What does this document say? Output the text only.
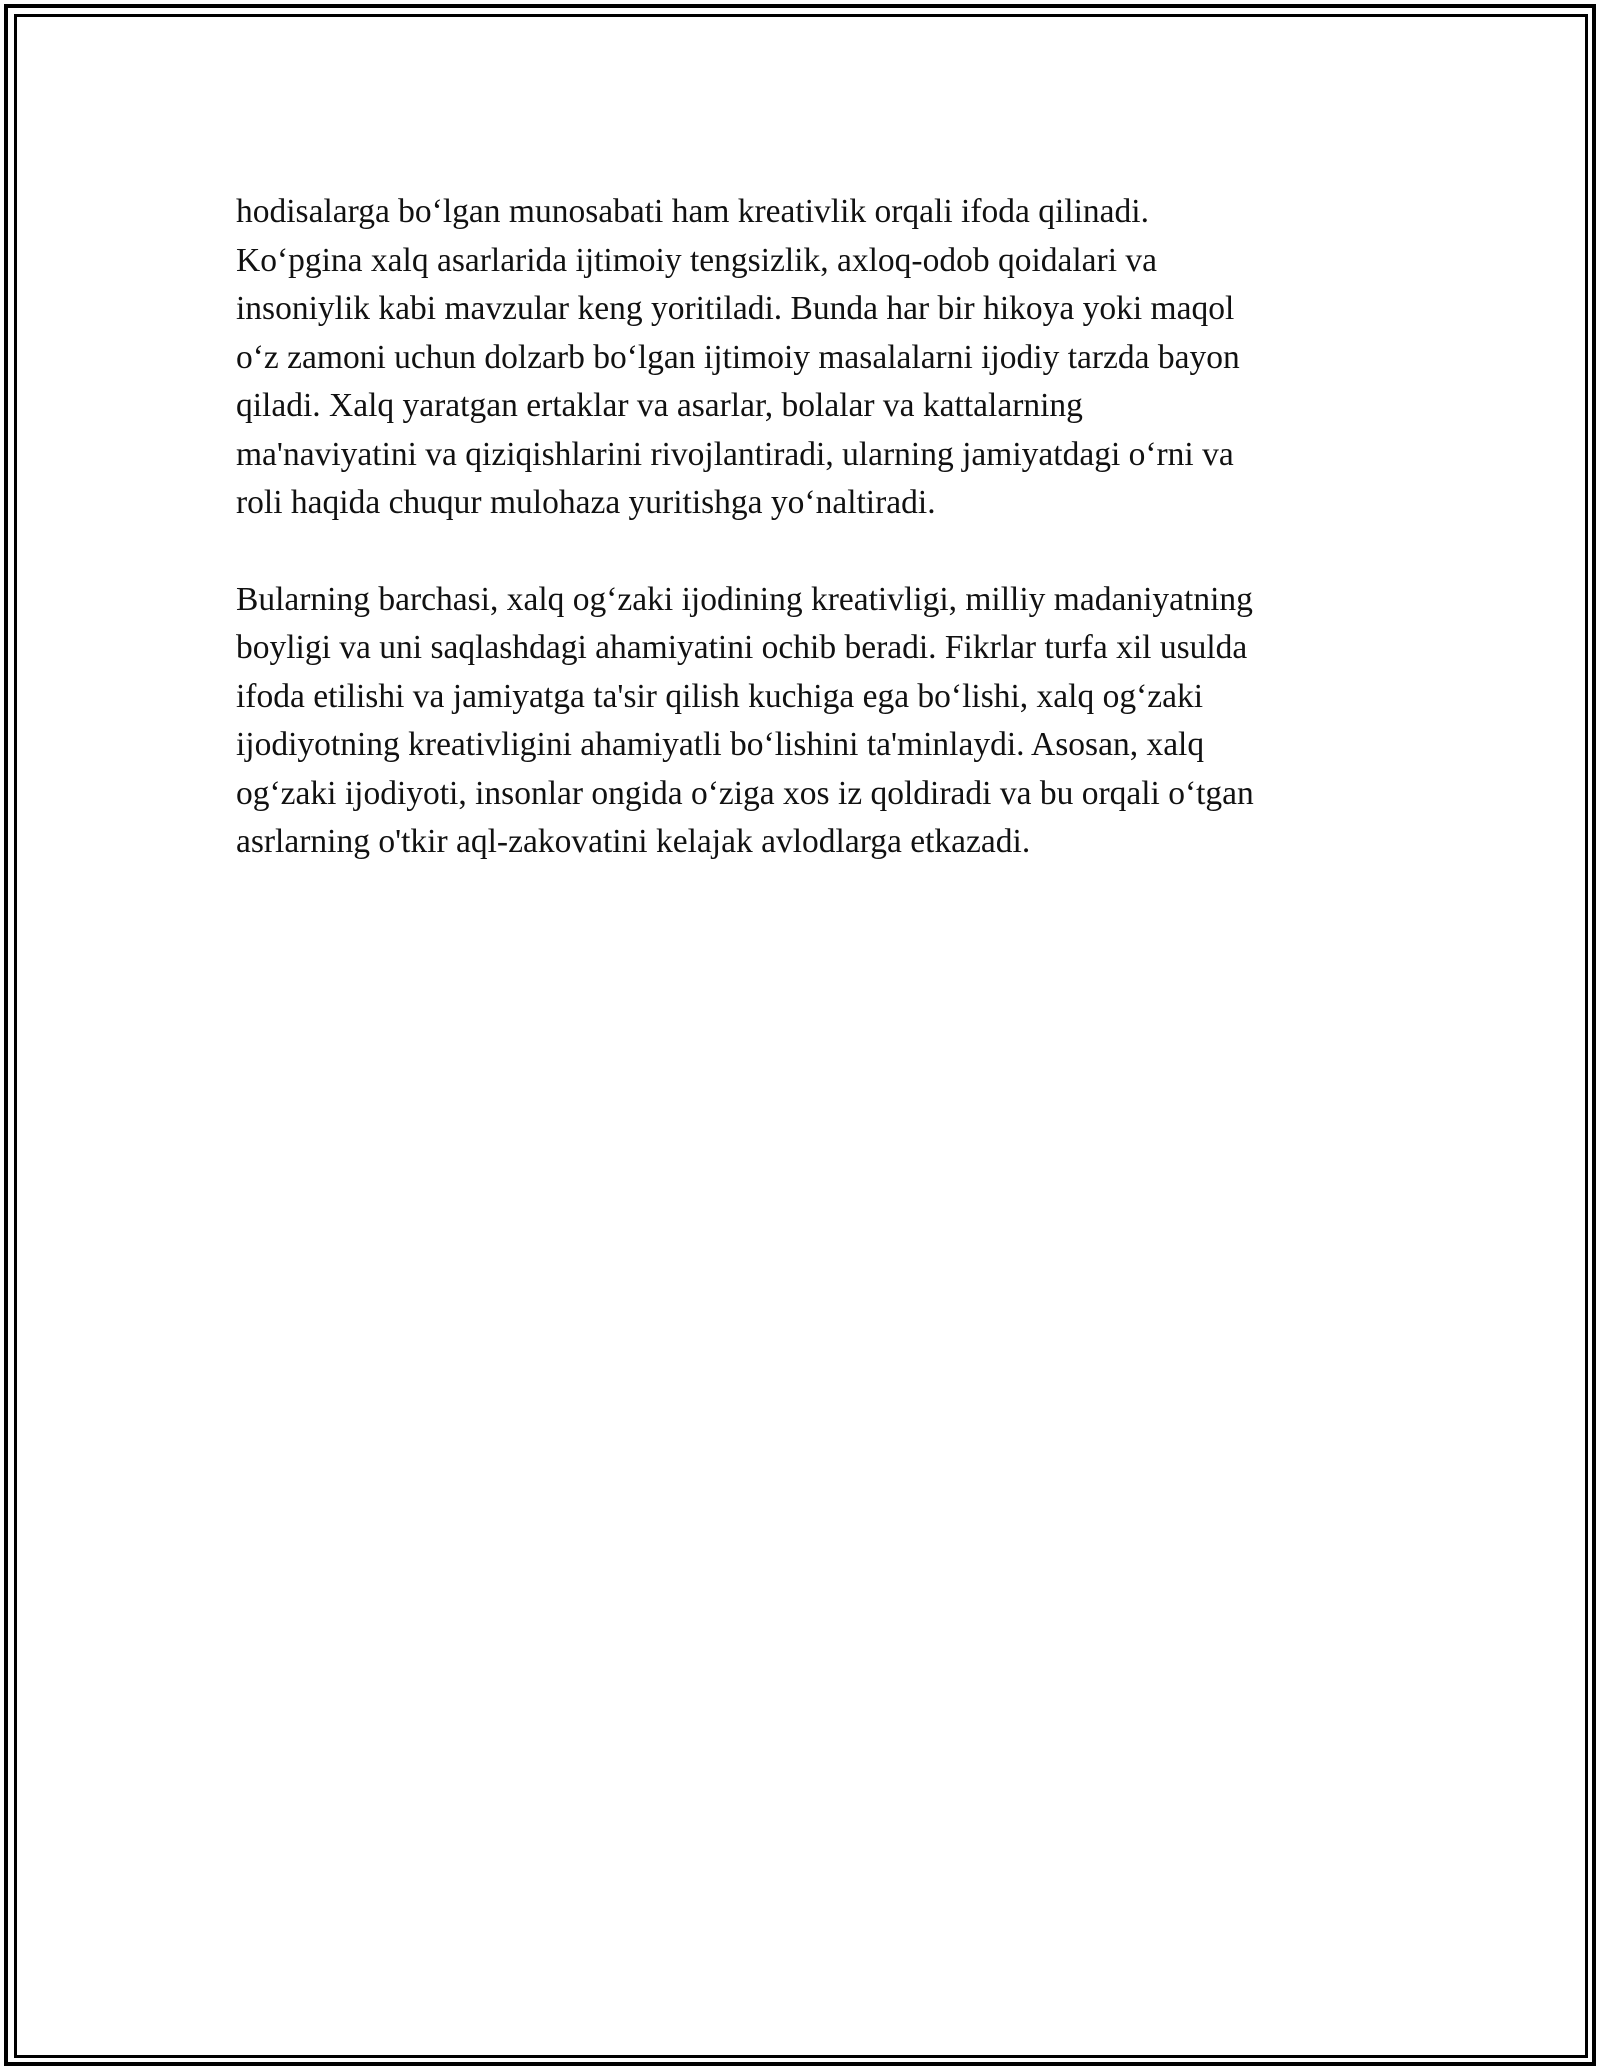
hodisalarga bo‘lgan munosabati ham kreativlik orqali ifoda qilinadi.
Ko‘pgina xalq asarlarida ijtimoiy tengsizlik, axloq-odob qoidalari va
insoniylik kabi mavzular keng yoritiladi. Bunda har bir hikoya yoki maqol
o‘z zamoni uchun dolzarb bo‘lgan ijtimoiy masalalarni ijodiy tarzda bayon
qiladi. Xalq yaratgan ertaklar va asarlar, bolalar va kattalarning
ma'naviyatini va qiziqishlarini rivojlantiradi, ularning jamiyatdagi o‘rni va
roli haqida chuqur mulohaza yuritishga yo‘naltiradi.

Bularning barchasi, xalq og‘zaki ijodining kreativligi, milliy madaniyatning
boyligi va uni saqlashdagi ahamiyatini ochib beradi. Fikrlar turfa xil usulda
ifoda etilishi va jamiyatga ta'sir qilish kuchiga ega bo‘lishi, xalq og‘zaki
ijodiyotning kreativligini ahamiyatli bo‘lishini ta'minlaydi. Asosan, xalq
og‘zaki ijodiyoti, insonlar ongida o‘ziga xos iz qoldiradi va bu orqali o‘tgan
asrlarning o'tkir aql-zakovatini kelajak avlodlarga etkazadi.
